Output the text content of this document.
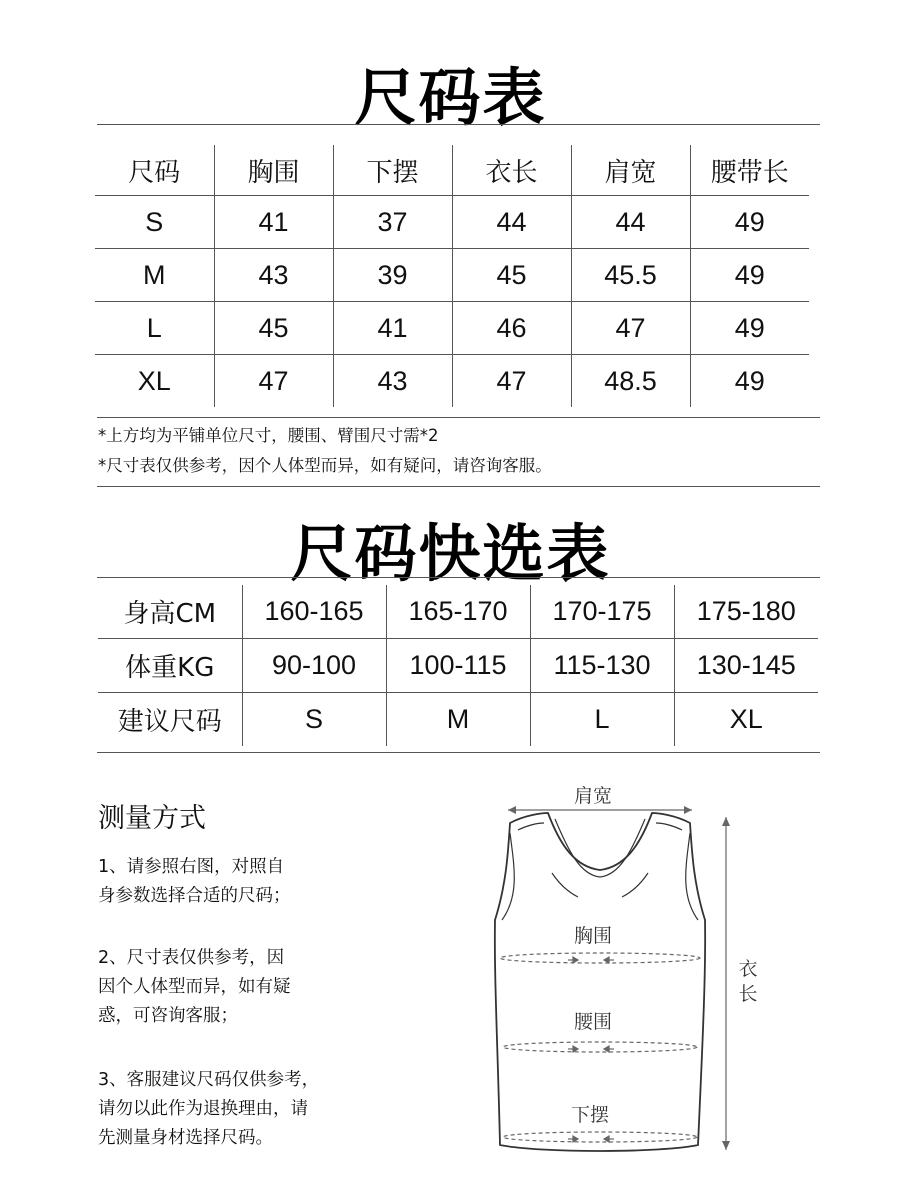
尺码表
尺码	胸围	下摆	衣长	肩宽	腰带长
S	41	37	44	44	49
M	43	39	45	45.5	49
L	45	41	46	47	49
XL	47	43	47	48.5	49
*上方均为平铺单位尺寸，腰围、臂围尺寸需*2
*尺寸表仅供参考，因个人体型而异，如有疑问，请咨询客服。
尺码快选表
身高CM	160-165	165-170	170-175	175-180
体重KG	90-100	100-115	115-130	130-145
建议尺码	S	M	L	XL
测量方式
1、请参照右图，对照自
身参数选择合适的尺码；
2、尺寸表仅供参考，因
因个人体型而异，如有疑
惑，可咨询客服；
3、客服建议尺码仅供参考，
请勿以此作为退换理由，请
先测量身材选择尺码。
肩宽
胸围
腰围
下摆
衣
长
